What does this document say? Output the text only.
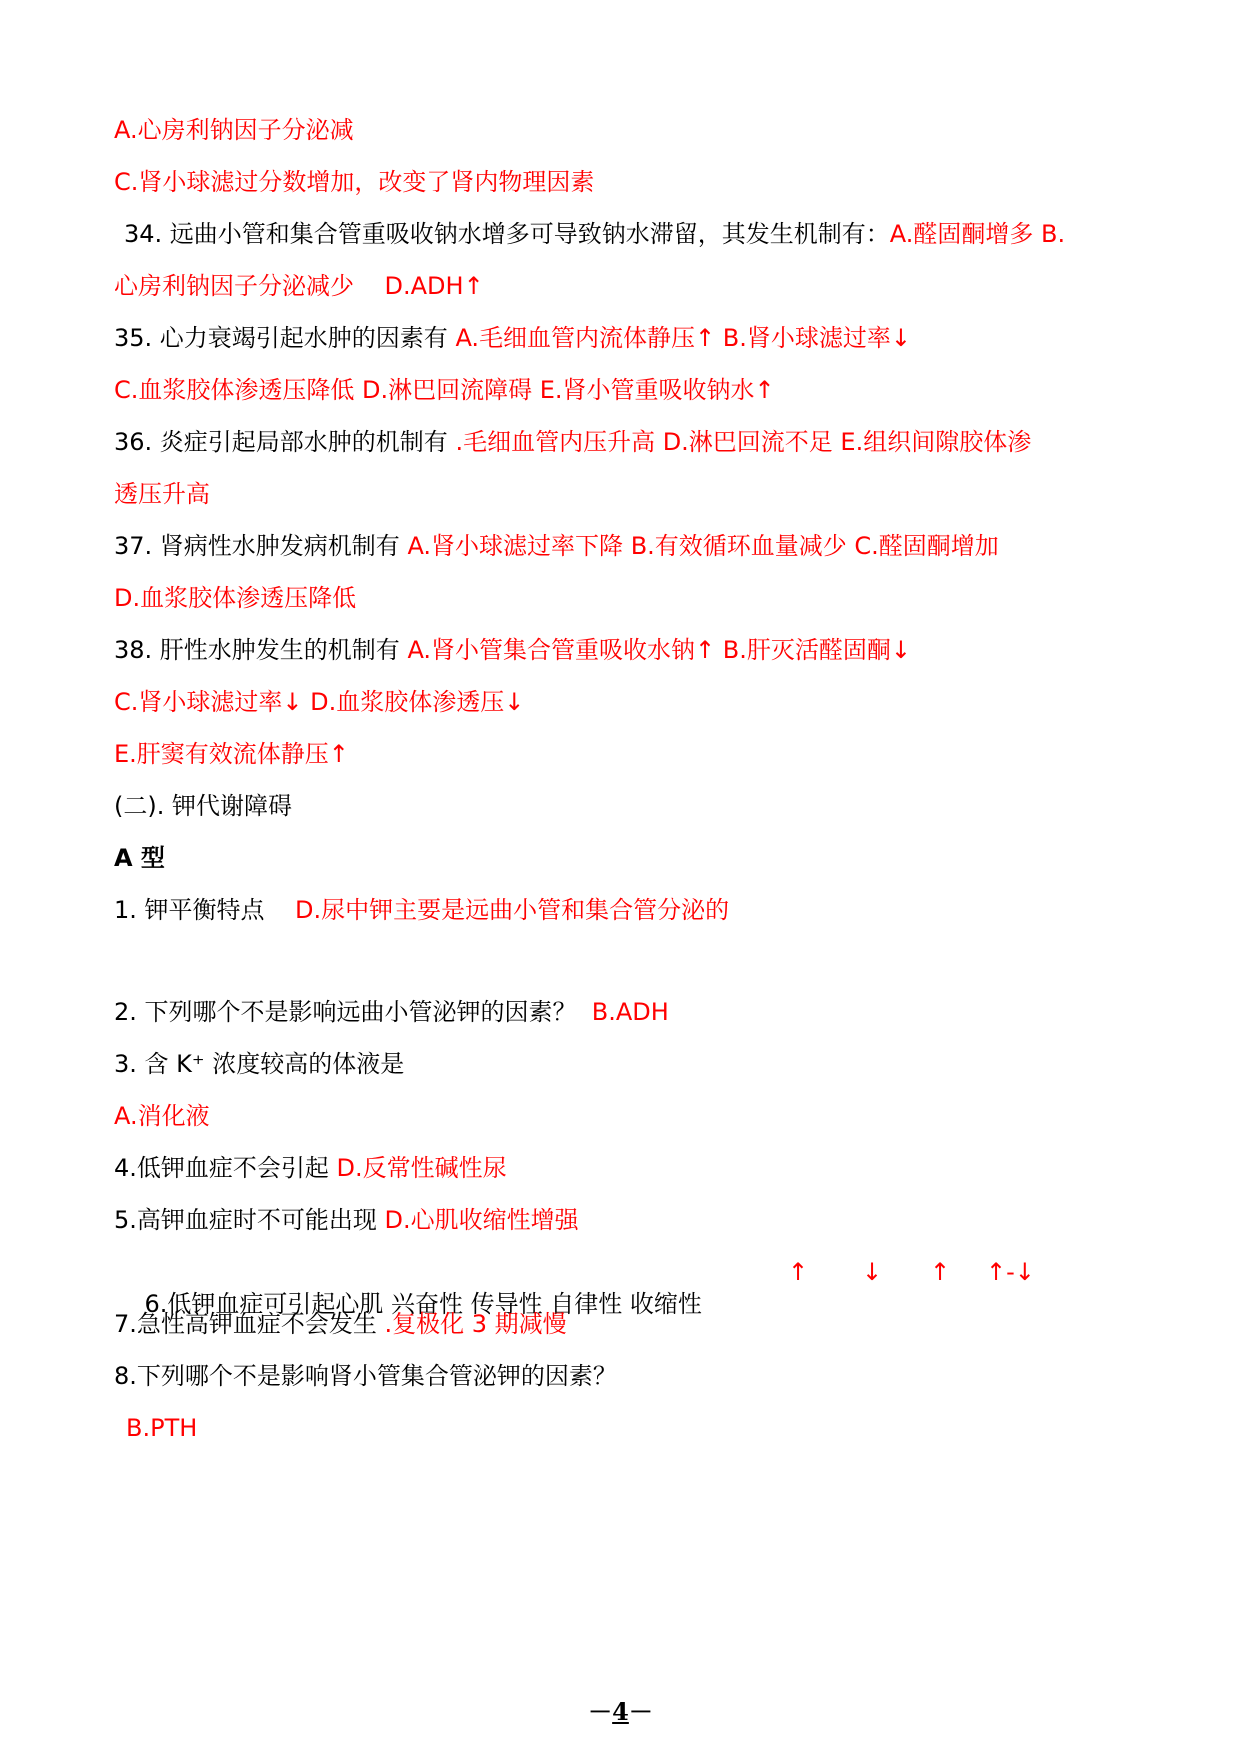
A.心房利钠因子分泌减
C.肾小球滤过分数增加，改变了肾内物理因素
34. 远曲小管和集合管重吸收钠水增多可导致钠水滞留，其发生机制有：A.醛固酮增多 B.
心房利钠因子分泌减少    D.ADH↑
35. 心力衰竭引起水肿的因素有 A.毛细血管内流体静压↑ B.肾小球滤过率↓
C.血浆胶体渗透压降低 D.淋巴回流障碍 E.肾小管重吸收钠水↑
36. 炎症引起局部水肿的机制有 .毛细血管内压升高 D.淋巴回流不足 E.组织间隙胶体渗
透压升高
37. 肾病性水肿发病机制有 A.肾小球滤过率下降 B.有效循环血量减少 C.醛固酮增加
D.血浆胶体渗透压降低
38. 肝性水肿发生的机制有 A.肾小管集合管重吸收水钠↑ B.肝灭活醛固酮↓
C.肾小球滤过率↓ D.血浆胶体渗透压↓
E.肝窦有效流体静压↑
(二). 钾代谢障碍
A 型
1. 钾平衡特点    D.尿中钾主要是远曲小管和集合管分泌的
2. 下列哪个不是影响远曲小管泌钾的因素？  B.ADH
3. 含 K⁺ 浓度较高的体液是
A.消化液
4.低钾血症不会引起 D.反常性碱性尿
5.高钾血症时不可能出现 D.心肌收缩性增强

6.低钾血症可引起心肌 兴奋性 传导性 自律性 收缩性

↑

↓

↑

↑-↓

7.急性高钾血症不会发生 .复极化 3 期减慢
8.下列哪个不是影响肾小管集合管泌钾的因素？
B.PTH
－4－
